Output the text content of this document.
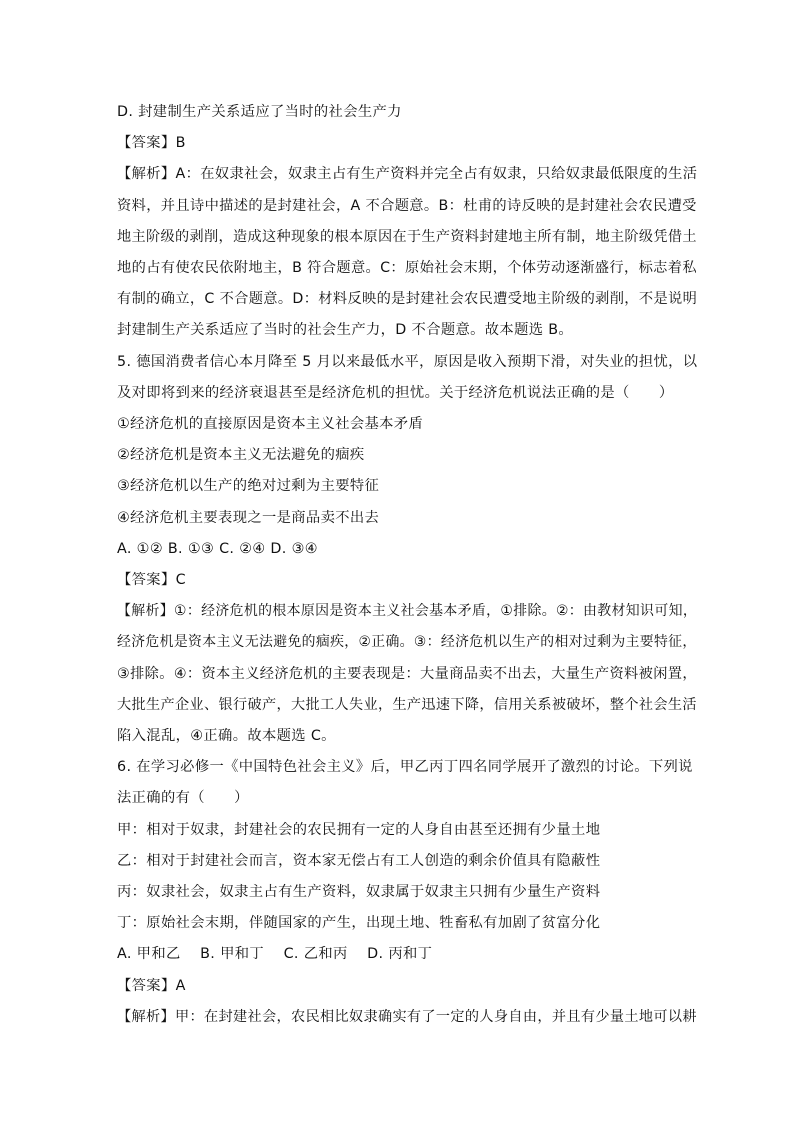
D. 封建制生产关系适应了当时的社会生产力
【答案】B
【解析】A：在奴隶社会，奴隶主占有生产资料并完全占有奴隶，只给奴隶最低限度的生活
资料，并且诗中描述的是封建社会，A 不合题意。B：杜甫的诗反映的是封建社会农民遭受
地主阶级的剥削，造成这种现象的根本原因在于生产资料封建地主所有制，地主阶级凭借土
地的占有使农民依附地主，B 符合题意。C：原始社会末期，个体劳动逐渐盛行，标志着私
有制的确立，C 不合题意。D：材料反映的是封建社会农民遭受地主阶级的剥削，不是说明
封建制生产关系适应了当时的社会生产力，D 不合题意。故本题选 B。
5. 德国消费者信心本月降至 5 月以来最低水平，原因是收入预期下滑，对失业的担忧，以
及对即将到来的经济衰退甚至是经济危机的担忧。关于经济危机说法正确的是（　　）
①经济危机的直接原因是资本主义社会基本矛盾
②经济危机是资本主义无法避免的痼疾
③经济危机以生产的绝对过剩为主要特征
④经济危机主要表现之一是商品卖不出去
A. ①② B. ①③ C. ②④ D. ③④
【答案】C
【解析】①：经济危机的根本原因是资本主义社会基本矛盾，①排除。②：由教材知识可知，
经济危机是资本主义无法避免的痼疾，②正确。③：经济危机以生产的相对过剩为主要特征，
③排除。④：资本主义经济危机的主要表现是：大量商品卖不出去，大量生产资料被闲置，
大批生产企业、银行破产，大批工人失业，生产迅速下降，信用关系被破坏，整个社会生活
陷入混乱，④正确。故本题选 C。
6. 在学习必修一《中国特色社会主义》后，甲乙丙丁四名同学展开了激烈的讨论。下列说
法正确的有（　　）
甲：相对于奴隶，封建社会的农民拥有一定的人身自由甚至还拥有少量土地
乙：相对于封建社会而言，资本家无偿占有工人创造的剩余价值具有隐蔽性
丙：奴隶社会，奴隶主占有生产资料，奴隶属于奴隶主只拥有少量生产资料
丁：原始社会末期，伴随国家的产生，出现土地、牲畜私有加剧了贫富分化
A. 甲和乙　 B. 甲和丁　 C. 乙和丙　 D. 丙和丁
【答案】A
【解析】甲：在封建社会，农民相比奴隶确实有了一定的人身自由，并且有少量土地可以耕
